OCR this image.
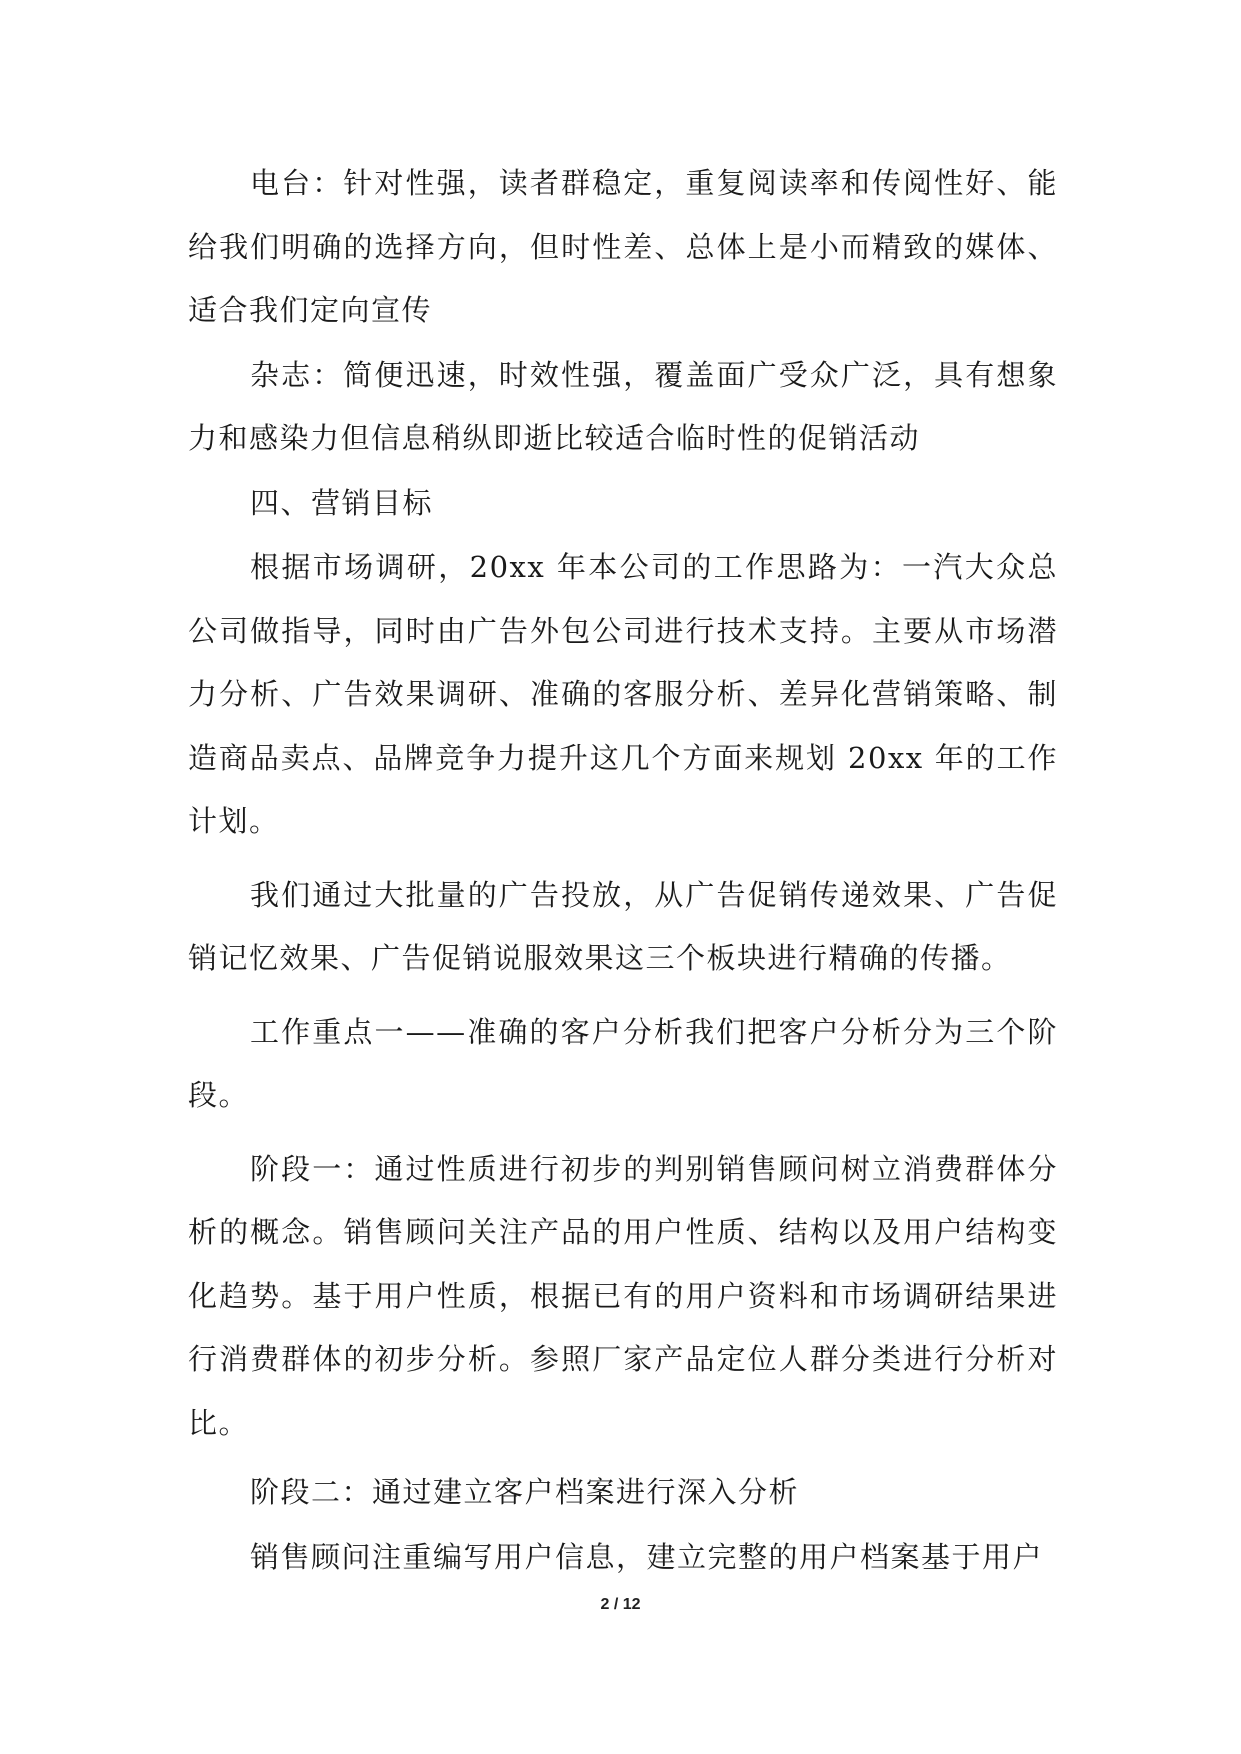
电台：针对性强，读者群稳定，重复阅读率和传阅性好、能给我们明确的选择方向，但时性差、总体上是小而精致的媒体、适合我们定向宣传

杂志：简便迅速，时效性强，覆盖面广受众广泛，具有想象力和感染力但信息稍纵即逝比较适合临时性的促销活动

四、营销目标

根据市场调研，20xx 年本公司的工作思路为：一汽大众总公司做指导，同时由广告外包公司进行技术支持。主要从市场潜力分析、广告效果调研、准确的客服分析、差异化营销策略、制造商品卖点、品牌竞争力提升这几个方面来规划 20xx 年的工作计划。

我们通过大批量的广告投放，从广告促销传递效果、广告促销记忆效果、广告促销说服效果这三个板块进行精确的传播。

工作重点一——准确的客户分析我们把客户分析分为三个阶段。

阶段一：通过性质进行初步的判别销售顾问树立消费群体分析的概念。销售顾问关注产品的用户性质、结构以及用户结构变化趋势。基于用户性质，根据已有的用户资料和市场调研结果进行消费群体的初步分析。参照厂家产品定位人群分类进行分析对比。

阶段二：通过建立客户档案进行深入分析

销售顾问注重编写用户信息，建立完整的用户档案基于用户

2 / 12
